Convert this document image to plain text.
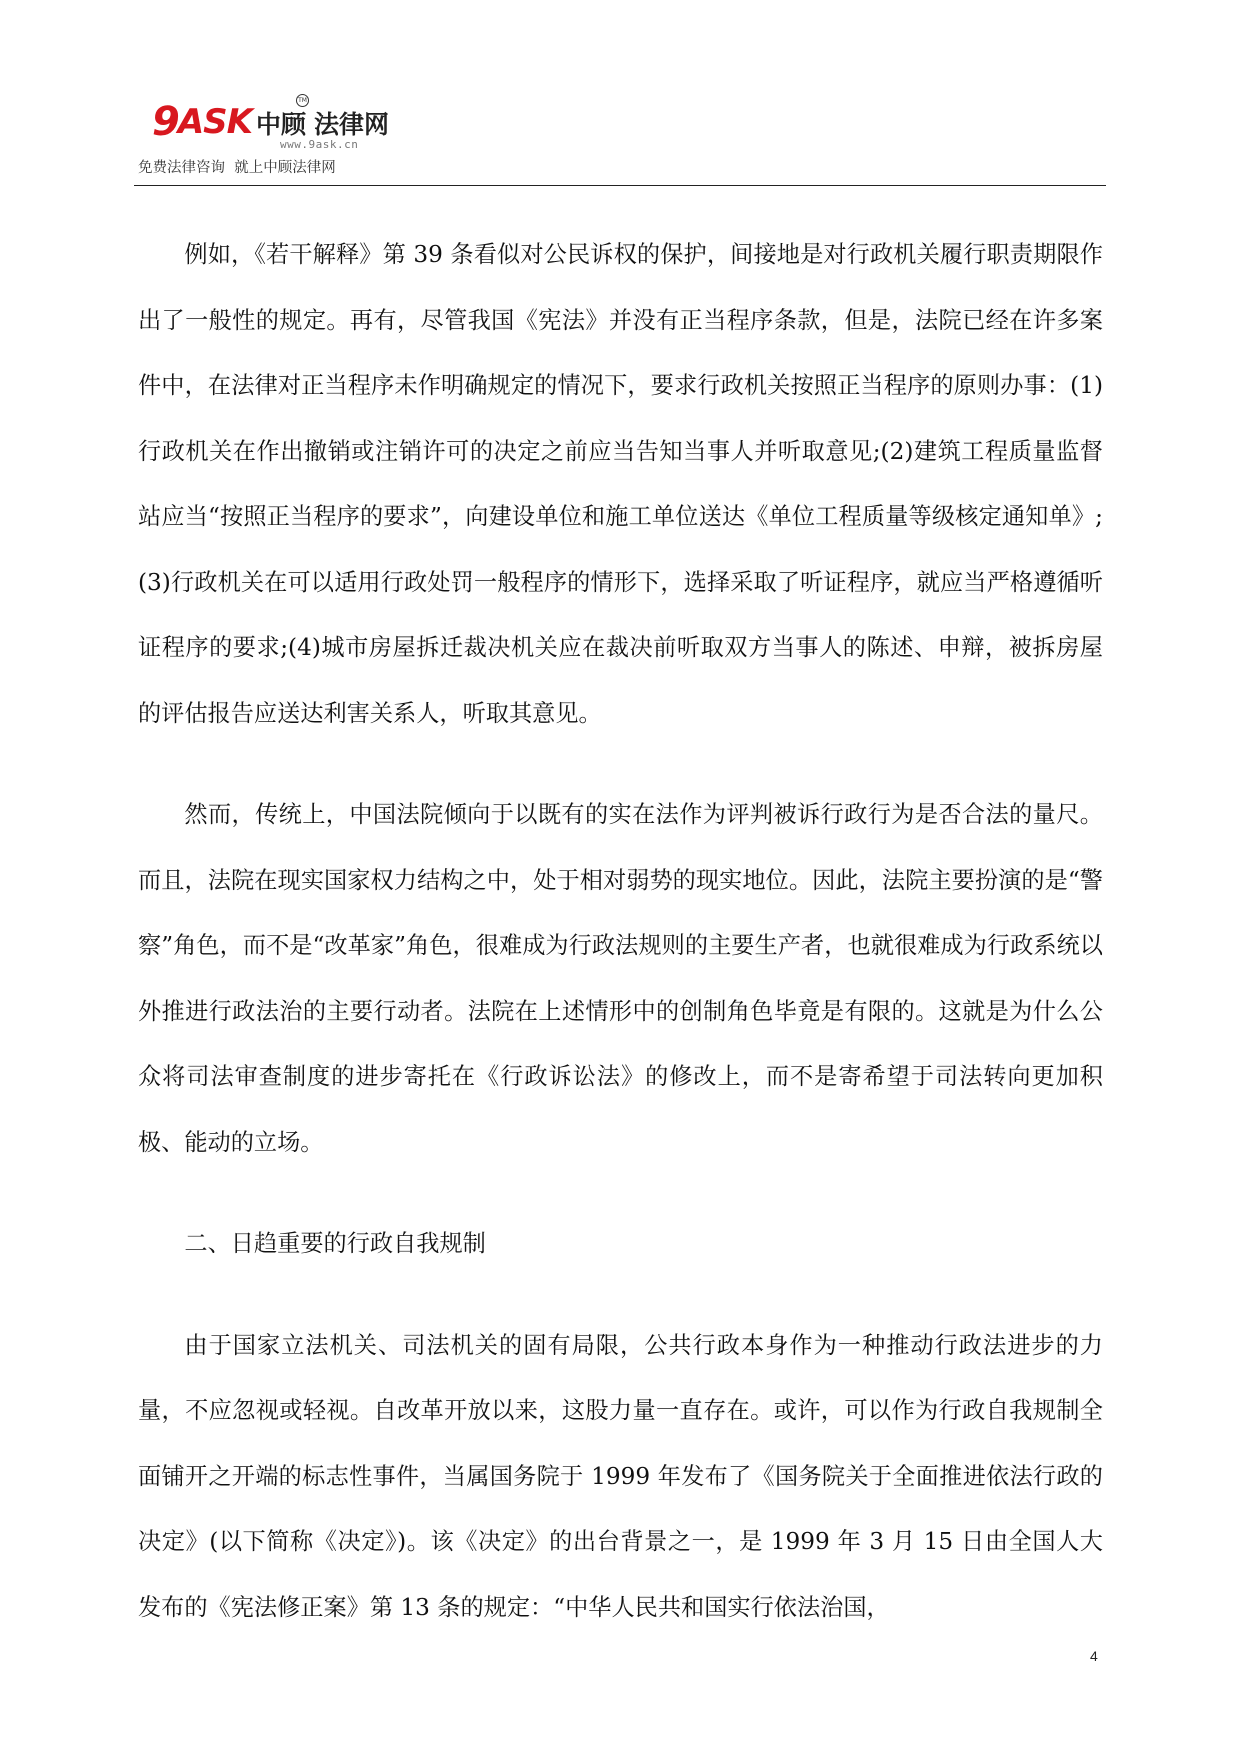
9 ASK 中顾 法律网
TM
www.9ask.cn
免费法律咨询  就上中顾法律网

例如，《若干解释》第 39 条看似对公民诉权的保护，间接地是对行政机关履行职责期限作出了一般性的规定。再有，尽管我国《宪法》并没有正当程序条款，但是，法院已经在许多案件中，在法律对正当程序未作明确规定的情况下，要求行政机关按照正当程序的原则办事：(1)行政机关在作出撤销或注销许可的决定之前应当告知当事人并听取意见;(2)建筑工程质量监督站应当“按照正当程序的要求”，向建设单位和施工单位送达《单位工程质量等级核定通知单》;(3)行政机关在可以适用行政处罚一般程序的情形下，选择采取了听证程序，就应当严格遵循听证程序的要求;(4)城市房屋拆迁裁决机关应在裁决前听取双方当事人的陈述、申辩，被拆房屋的评估报告应送达利害关系人，听取其意见。

然而，传统上，中国法院倾向于以既有的实在法作为评判被诉行政行为是否合法的量尺。而且，法院在现实国家权力结构之中，处于相对弱势的现实地位。因此，法院主要扮演的是“警察”角色，而不是“改革家”角色，很难成为行政法规则的主要生产者，也就很难成为行政系统以外推进行政法治的主要行动者。法院在上述情形中的创制角色毕竟是有限的。这就是为什么公众将司法审查制度的进步寄托在《行政诉讼法》的修改上，而不是寄希望于司法转向更加积极、能动的立场。

二、日趋重要的行政自我规制

由于国家立法机关、司法机关的固有局限，公共行政本身作为一种推动行政法进步的力量，不应忽视或轻视。自改革开放以来，这股力量一直存在。或许，可以作为行政自我规制全面铺开之开端的标志性事件，当属国务院于 1999 年发布了《国务院关于全面推进依法行政的决定》(以下简称《决定》)。该《决定》的出台背景之一，是 1999 年 3 月 15 日由全国人大发布的《宪法修正案》第 13 条的规定：“中华人民共和国实行依法治国，

4
